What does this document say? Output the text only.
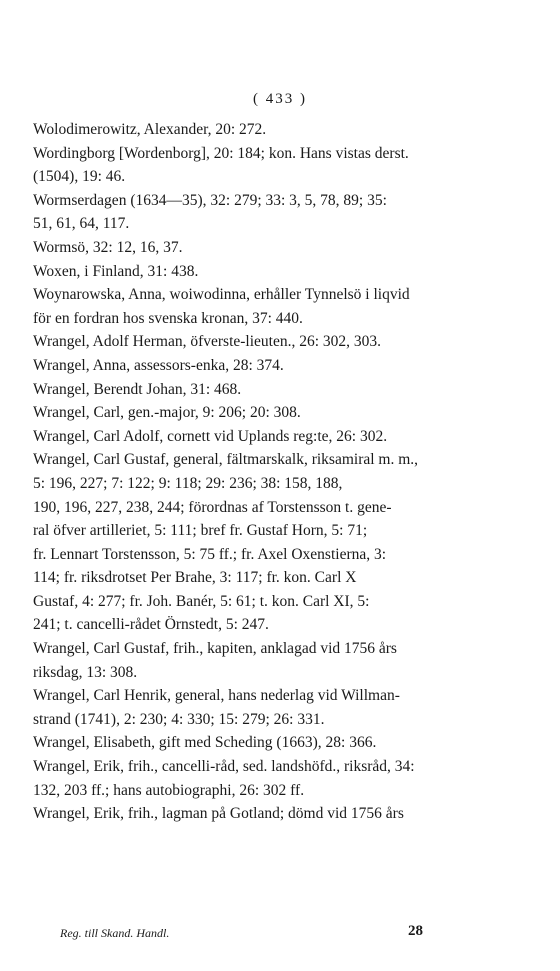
( 433 )
Wolodimerowitz, Alexander, 20: 272.
Wordingborg [Wordenborg], 20: 184; kon. Hans vistas derst.
(1504), 19: 46.
Wormserdagen (1634—35), 32: 279; 33: 3, 5, 78, 89; 35:
51, 61, 64, 117.
Wormsö, 32: 12, 16, 37.
Woxen, i Finland, 31: 438.
Woynarowska, Anna, woiwodinna, erhåller Tynnelsö i liqvid
för en fordran hos svenska kronan, 37: 440.
Wrangel, Adolf Herman, öfverste-lieuten., 26: 302, 303.
Wrangel, Anna, assessors-enka, 28: 374.
Wrangel, Berendt Johan, 31: 468.
Wrangel, Carl, gen.-major, 9: 206; 20: 308.
Wrangel, Carl Adolf, cornett vid Uplands reg:te, 26: 302.
Wrangel, Carl Gustaf, general, fältmarskalk, riksamiral m. m.,
5: 196, 227; 7: 122; 9: 118; 29: 236; 38: 158, 188,
190, 196, 227, 238, 244; förordnas af Torstensson t. gene-
ral öfver artilleriet, 5: 111; bref fr. Gustaf Horn, 5: 71;
fr. Lennart Torstensson, 5: 75 ff.; fr. Axel Oxenstierna, 3:
114; fr. riksdrotset Per Brahe, 3: 117; fr. kon. Carl X
Gustaf, 4: 277; fr. Joh. Banér, 5: 61; t. kon. Carl XI, 5:
241; t. cancelli-rådet Örnstedt, 5: 247.
Wrangel, Carl Gustaf, frih., kapiten, anklagad vid 1756 års
riksdag, 13: 308.
Wrangel, Carl Henrik, general, hans nederlag vid Willman-
strand (1741), 2: 230; 4: 330; 15: 279; 26: 331.
Wrangel, Elisabeth, gift med Scheding (1663), 28: 366.
Wrangel, Erik, frih., cancelli-råd, sed. landshöfd., riksråd, 34:
132, 203 ff.; hans autobiographi, 26: 302 ff.
Wrangel, Erik, frih., lagman på Gotland; dömd vid 1756 års
Reg. till Skand. Handl.	28
